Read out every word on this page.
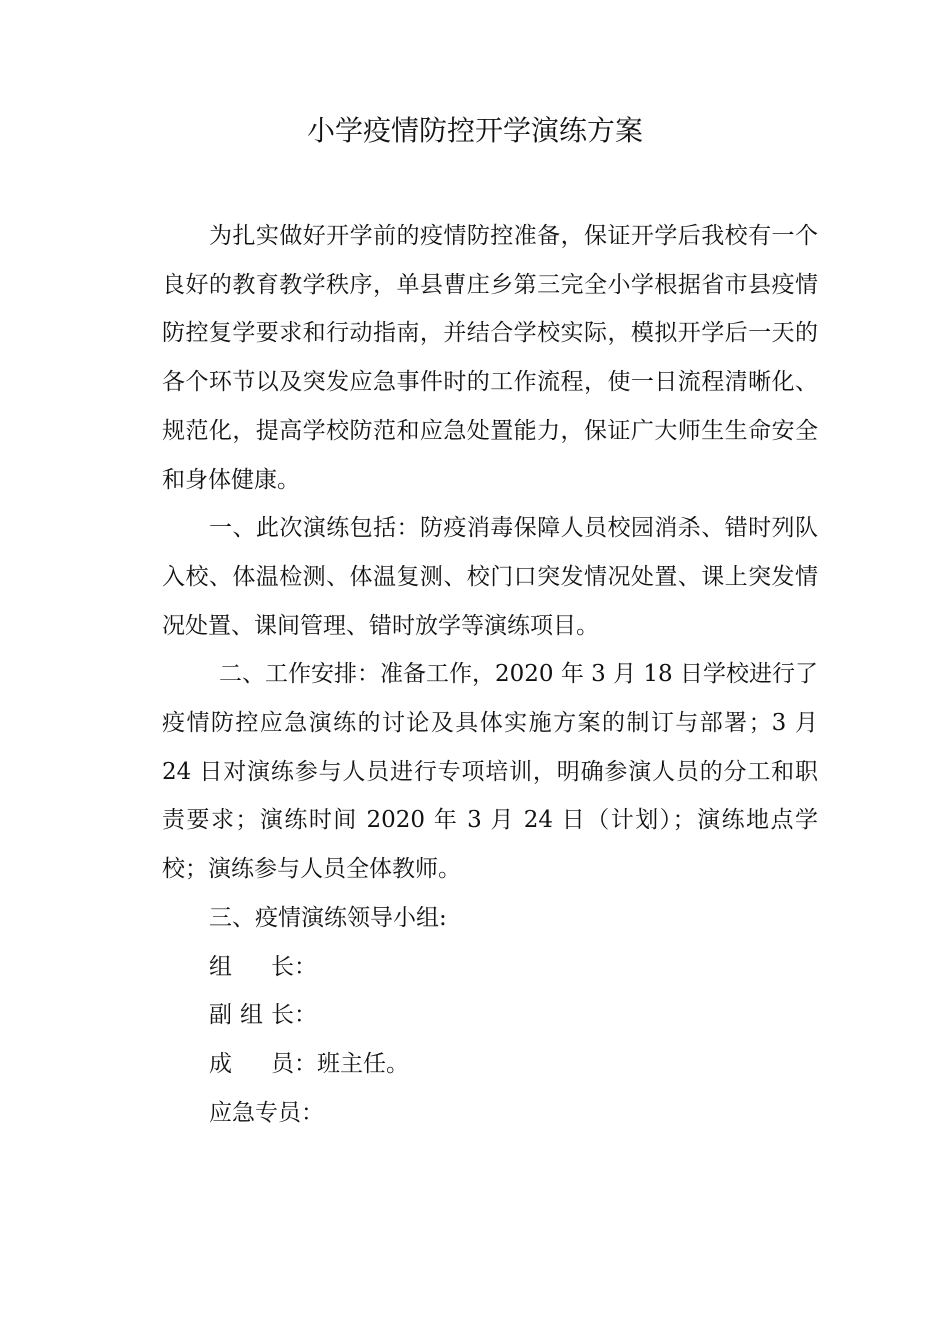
小学疫情防控开学演练方案

为扎实做好开学前的疫情防控准备，保证开学后我校有一个良好的教育教学秩序，单县曹庄乡第三完全小学根据省市县疫情防控复学要求和行动指南，并结合学校实际，模拟开学后一天的各个环节以及突发应急事件时的工作流程，使一日流程清晰化、规范化，提高学校防范和应急处置能力，保证广大师生生命安全和身体健康。

一、此次演练包括：防疫消毒保障人员校园消杀、错时列队入校、体温检测、体温复测、校门口突发情况处置、课上突发情况处置、课间管理、错时放学等演练项目。

二、工作安排：准备工作，2020 年 3 月 18 日学校进行了疫情防控应急演练的讨论及具体实施方案的制订与部署；3 月 24 日对演练参与人员进行专项培训，明确参演人员的分工和职责要求；演练时间 2020 年 3 月 24 日（计划）；演练地点学校；演练参与人员全体教师。

三、疫情演练领导小组:

组 长：
副 组 长：
成 员： 班主任。
应急专员：
